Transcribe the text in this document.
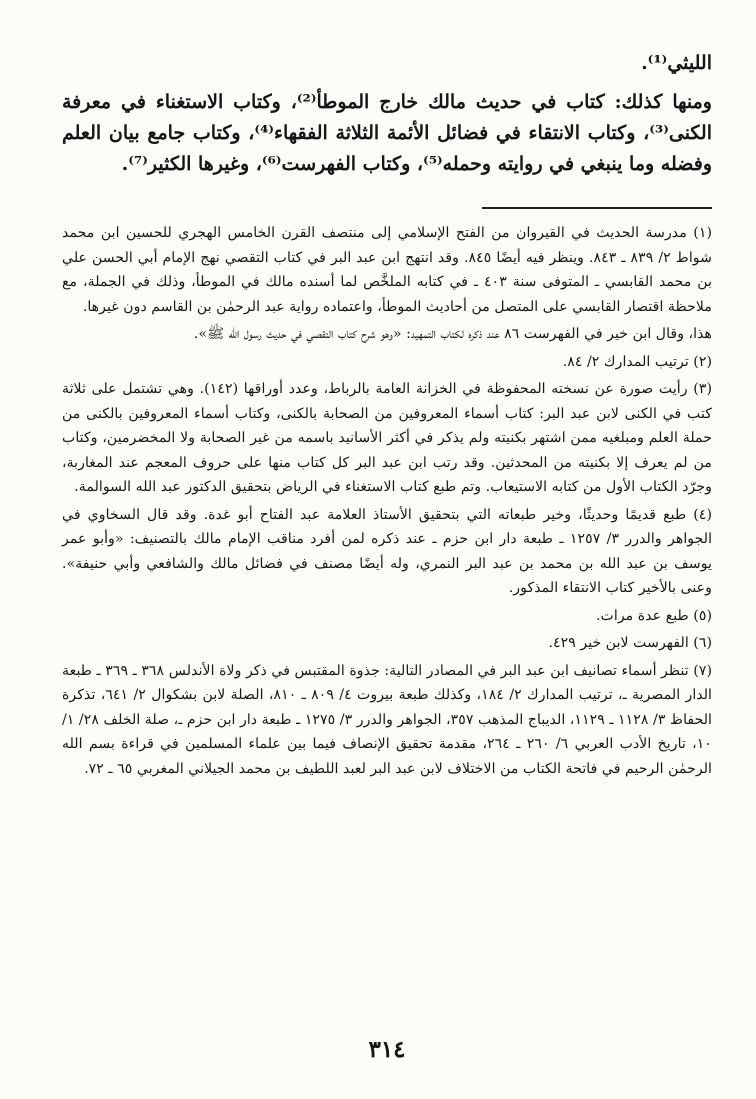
الليثي⁽¹⁾.

ومنها كذلك: كتاب في حديث مالك خارج الموطأ⁽²⁾، وكتاب الاستغناء في معرفة الكنى⁽³⁾، وكتاب الانتقاء في فضائل الأئمة الثلاثة الفقهاء⁽⁴⁾، وكتاب جامع بيان العلم وفضله وما ينبغي في روايته وحمله⁽⁵⁾، وكتاب الفهرست⁽⁶⁾، وغيرها الكثير⁽⁷⁾.

(١) مدرسة الحديث في القيروان من الفتح الإسلامي إلى منتصف القرن الخامس الهجري للحسين ابن محمد شواط ٢/ ٨٣٩ ـ ٨٤٣. وينظر فيه أيضًا ٨٤٥. وقد انتهج ابن عبد البر في كتاب التقصي نهج الإمام أبي الحسن علي بن محمد القابسي ـ المتوفى سنة ٤٠٣ ـ في كتابه الملخَّص لما أسنده مالك في الموطأ، وذلك في الجملة، مع ملاحظة اقتصار القابسي على المتصل من أحاديث الموطأ، واعتماده رواية عبد الرحمٰن بن القاسم دون غيرها.

هذا، وقال ابن خير في الفهرست ٨٦ عند ذكره لكتاب التمهيد: «وهو شرح كتاب التقصي في حديث رسول الله ﷺ».

(٢) ترتيب المدارك ٢/ ٨٤.

(٣) رأيت صورة عن نسخته المحفوظة في الخزانة العامة بالرباط، وعدد أوراقها (١٤٢). وهي تشتمل على ثلاثة كتب في الكنى لابن عبد البر: كتاب أسماء المعروفين من الصحابة بالكنى، وكتاب أسماء المعروفين بالكنى من حملة العلم ومبلغيه ممن اشتهر بكنيته ولم يذكر في أكثر الأسانيد باسمه من غير الصحابة ولا المخضرمين، وكتاب من لم يعرف إلا بكنيته من المحدثين. وقد رتب ابن عبد البر كل كتاب منها على حروف المعجم عند المغاربة، وجرّد الكتاب الأول من كتابه الاستيعاب. وتم طبع كتاب الاستغناء في الرياض بتحقيق الدكتور عبد الله السوالمة.

(٤) طبع قديمًا وحديثًا، وخير طبعاته التي بتحقيق الأستاذ العلامة عبد الفتاح أبو غدة. وقد قال السخاوي في الجواهر والدرر ٣/ ١٢٥٧ ـ طبعة دار ابن حزم ـ عند ذكره لمن أفرد مناقب الإمام مالك بالتصنيف: «وأبو عمر يوسف بن عبد الله بن محمد بن عبد البر النمري، وله أيضًا مصنف في فضائل مالك والشافعي وأبي حنيفة». وعنى بالأخير كتاب الانتقاء المذكور.

(٥) طبع عدة مرات.

(٦) الفهرست لابن خير ٤٢٩.

(٧) تنظر أسماء تصانيف ابن عبد البر في المصادر التالية: جذوة المقتبس في ذكر ولاة الأندلس ٣٦٨ ـ ٣٦٩ ـ طبعة الدار المصرية ـ، ترتيب المدارك ٢/ ١٨٤، وكذلك طبعة بيروت ٤/ ٨٠٩ ـ ٨١٠، الصلة لابن بشكوال ٢/ ٦٤١، تذكرة الحفاظ ٣/ ١١٢٨ ـ ١١٢٩، الديباج المذهب ٣٥٧، الجواهر والدرر ٣/ ١٢٧٥ ـ طبعة دار ابن حزم ـ، صلة الخلف ٢٨/ ١/ ١٠، تاريخ الأدب العربي ٦/ ٢٦٠ ـ ٢٦٤، مقدمة تحقيق الإنصاف فيما بين علماء المسلمين في قراءة بسم الله الرحمٰن الرحيم في فاتحة الكتاب من الاختلاف لابن عبد البر لعبد اللطيف بن محمد الجيلاني المغربي ٦٥ ـ ٧٢.

٣١٤
